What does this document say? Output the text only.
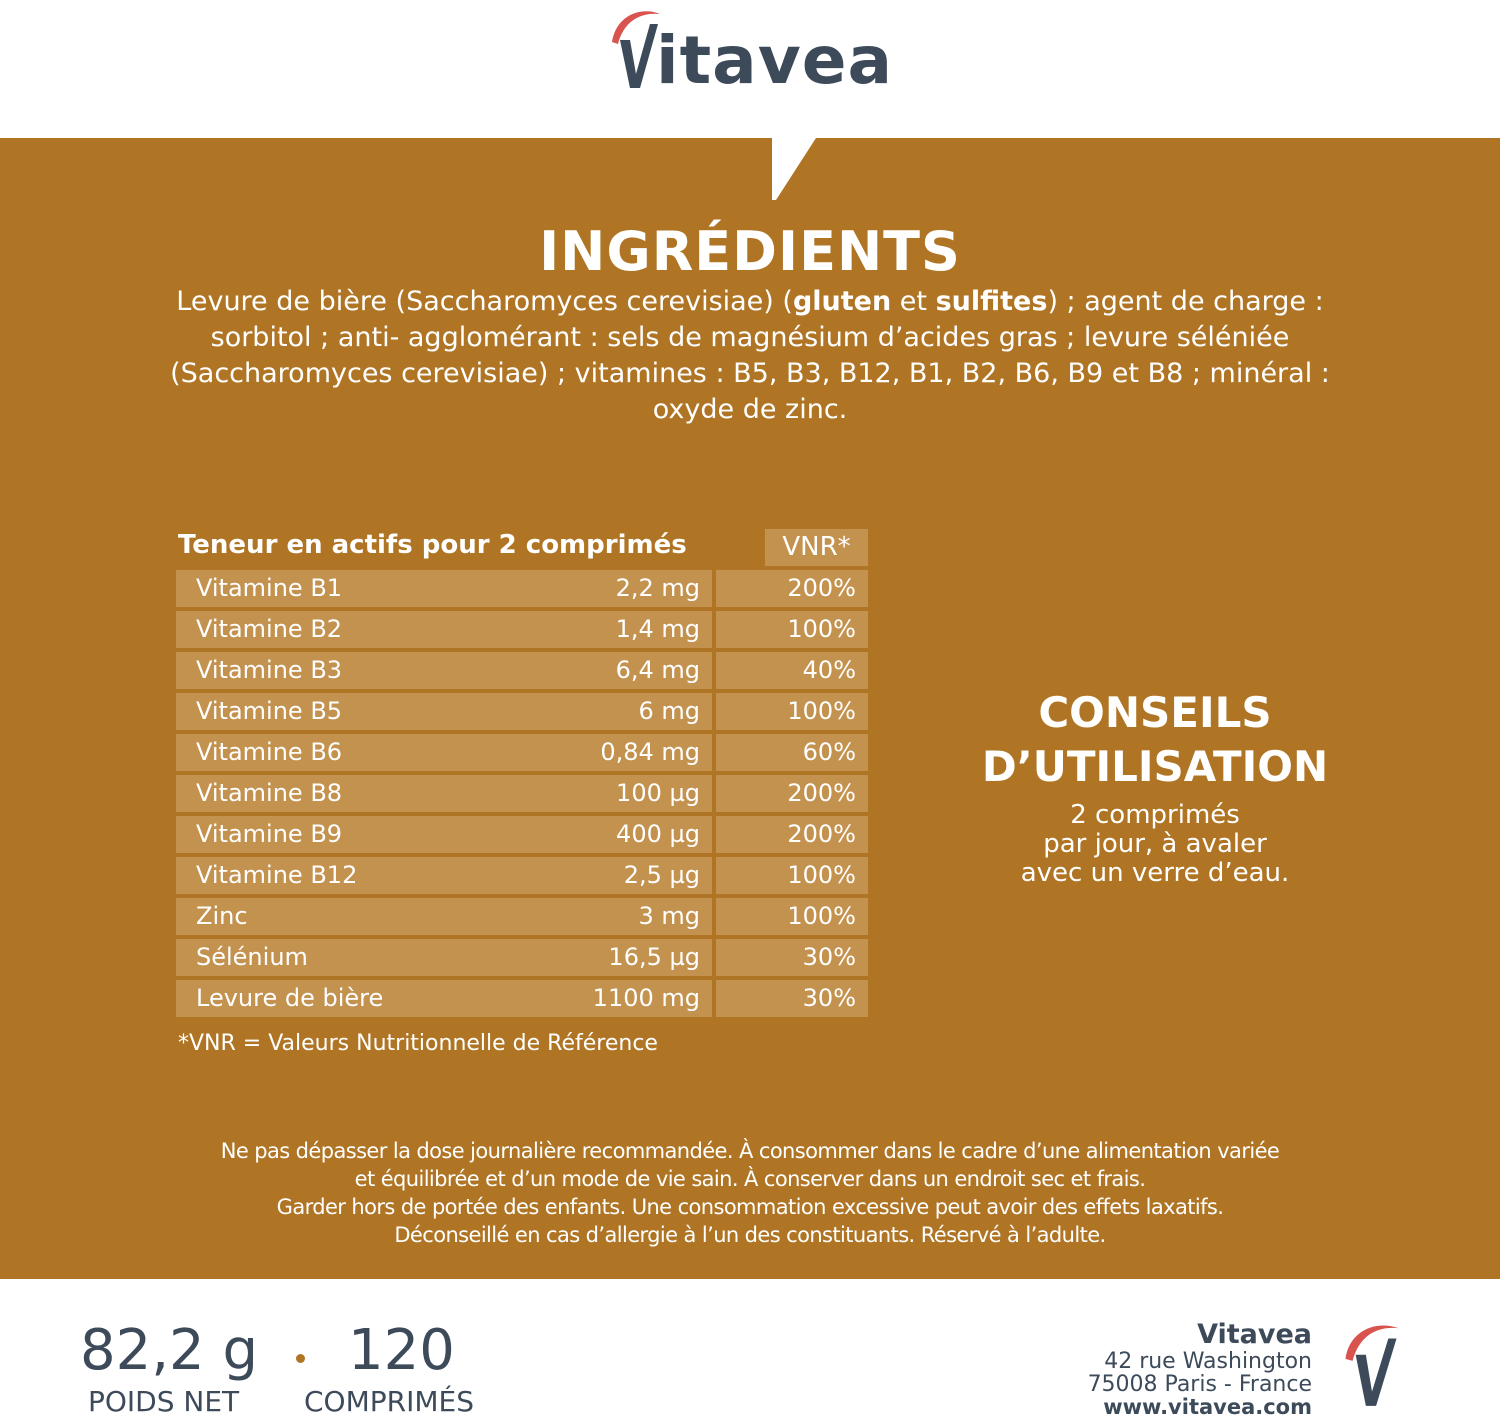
itavea
INGRÉDIENTS
Levure de bière (Saccharomyces cerevisiae) (gluten et sulfites) ; agent de charge : sorbitol ; anti- agglomérant : sels de magnésium d’acides gras ; levure séléniée (Saccharomyces cerevisiae) ; vitamines : B5, B3, B12, B1, B2, B6, B9 et B8 ; minéral : oxyde de zinc.
Teneur en actifs pour 2 comprimés	VNR*
Vitamine B1	2,2 mg	200%
Vitamine B2	1,4 mg	100%
Vitamine B3	6,4 mg	40%
Vitamine B5	6 mg	100%
Vitamine B6	0,84 mg	60%
Vitamine B8	100 µg	200%
Vitamine B9	400 µg	200%
Vitamine B12	2,5 µg	100%
Zinc	3 mg	100%
Sélénium	16,5 µg	30%
Levure de bière	1100 mg	30%
*VNR = Valeurs Nutritionnelle de Référence
CONSEILS
D’UTILISATION
2 comprimés
par jour, à avaler
avec un verre d’eau.
Ne pas dépasser la dose journalière recommandée. À consommer dans le cadre d’une alimentation variée
et équilibrée et d’un mode de vie sain. À conserver dans un endroit sec et frais.
Garder hors de portée des enfants. Une consommation excessive peut avoir des effets laxatifs.
Déconseillé en cas d’allergie à l’un des constituants. Réservé à l’adulte.
82,2 g
POIDS NET
120
COMPRIMÉS
Vitavea
42 rue Washington
75008 Paris - France
www.vitavea.com
